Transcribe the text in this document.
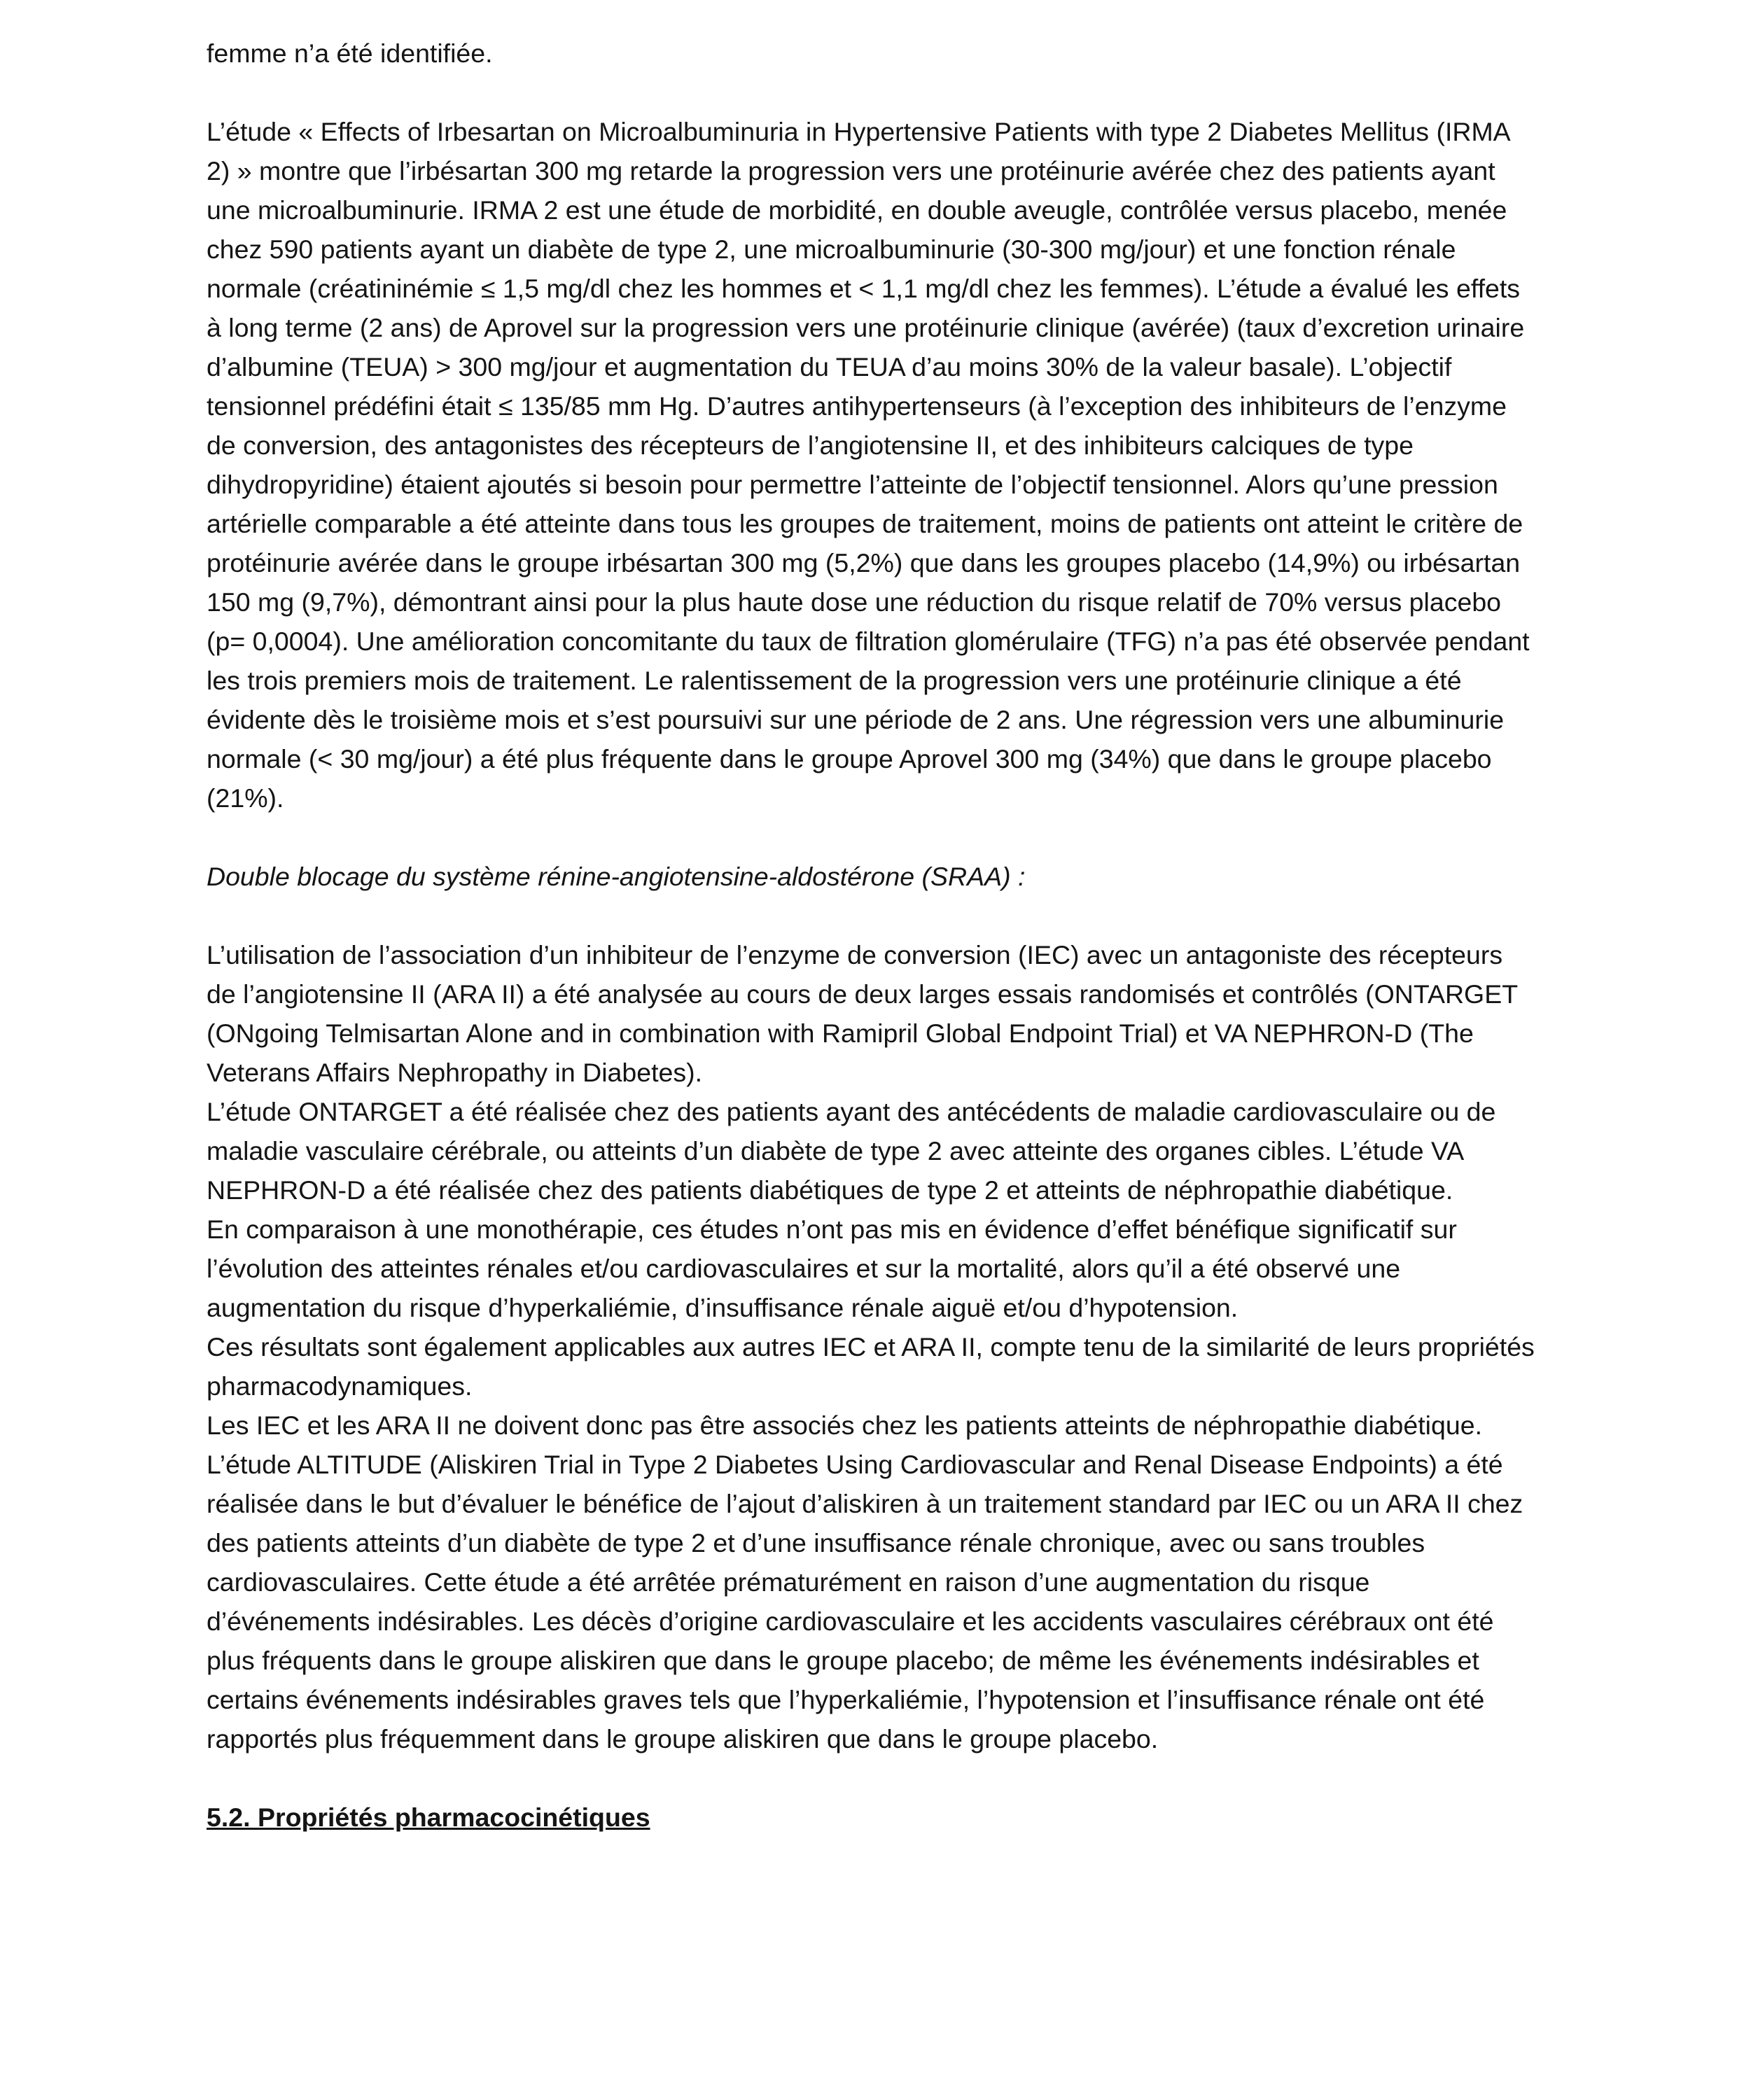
femme n’a été identifiée.

L’étude « Effects of Irbesartan on Microalbuminuria in Hypertensive Patients with type 2 Diabetes Mellitus (IRMA 2) » montre que l’irbésartan 300 mg retarde la progression vers une protéinurie avérée chez des patients ayant une microalbuminurie. IRMA 2 est une étude de morbidité, en double aveugle, contrôlée versus placebo, menée chez 590 patients ayant un diabète de type 2, une microalbuminurie (30-300 mg/jour) et une fonction rénale normale (créatininémie ≤ 1,5 mg/dl chez les hommes et < 1,1 mg/dl chez les femmes). L’étude a évalué les effets à long terme (2 ans) de Aprovel sur la progression vers une protéinurie clinique (avérée) (taux d’excretion urinaire d’albumine (TEUA) > 300 mg/jour et augmentation du TEUA d’au moins 30% de la valeur basale). L’objectif tensionnel prédéfini était ≤ 135/85 mm Hg. D’autres antihypertenseurs (à l’exception des inhibiteurs de l’enzyme de conversion, des antagonistes des récepteurs de l’angiotensine II, et des inhibiteurs calciques de type dihydropyridine) étaient ajoutés si besoin pour permettre l’atteinte de l’objectif tensionnel. Alors qu’une pression artérielle comparable a été atteinte dans tous les groupes de traitement, moins de patients ont atteint le critère de protéinurie avérée dans le groupe irbésartan 300 mg (5,2%) que dans les groupes placebo (14,9%) ou irbésartan 150 mg (9,7%), démontrant ainsi pour la plus haute dose une réduction du risque relatif de 70% versus placebo (p= 0,0004). Une amélioration concomitante du taux de filtration glomérulaire (TFG) n’a pas été observée pendant les trois premiers mois de traitement. Le ralentissement de la progression vers une protéinurie clinique a été évidente dès le troisième mois et s’est poursuivi sur une période de 2 ans. Une régression vers une albuminurie normale (< 30 mg/jour) a été plus fréquente dans le groupe Aprovel 300 mg (34%) que dans le groupe placebo (21%).

Double blocage du système rénine-angiotensine-aldostérone (SRAA) :

L’utilisation de l’association d’un inhibiteur de l’enzyme de conversion (IEC) avec un antagoniste des récepteurs de l’angiotensine II (ARA II) a été analysée au cours de deux larges essais randomisés et contrôlés (ONTARGET (ONgoing Telmisartan Alone and in combination with Ramipril Global Endpoint Trial) et VA NEPHRON-D (The Veterans Affairs Nephropathy in Diabetes).

L’étude ONTARGET a été réalisée chez des patients ayant des antécédents de maladie cardiovasculaire ou de maladie vasculaire cérébrale, ou atteints d’un diabète de type 2 avec atteinte des organes cibles. L’étude VA NEPHRON-D a été réalisée chez des patients diabétiques de type 2 et atteints de néphropathie diabétique.

En comparaison à une monothérapie, ces études n’ont pas mis en évidence d’effet bénéfique significatif sur l’évolution des atteintes rénales et/ou cardiovasculaires et sur la mortalité, alors qu’il a été observé une augmentation du risque d’hyperkaliémie, d’insuffisance rénale aiguë et/ou d’hypotension.

Ces résultats sont également applicables aux autres IEC et ARA II, compte tenu de la similarité de leurs propriétés pharmacodynamiques.

Les IEC et les ARA II ne doivent donc pas être associés chez les patients atteints de néphropathie diabétique.

L’étude ALTITUDE (Aliskiren Trial in Type 2 Diabetes Using Cardiovascular and Renal Disease Endpoints) a été réalisée dans le but d’évaluer le bénéfice de l’ajout d’aliskiren à un traitement standard par IEC ou un ARA II chez des patients atteints d’un diabète de type 2 et d’une insuffisance rénale chronique, avec ou sans troubles cardiovasculaires. Cette étude a été arrêtée prématurément en raison d’une augmentation du risque d’événements indésirables. Les décès d’origine cardiovasculaire et les accidents vasculaires cérébraux ont été plus fréquents dans le groupe aliskiren que dans le groupe placebo; de même les événements indésirables et certains événements indésirables graves tels que l’hyperkaliémie, l’hypotension et l’insuffisance rénale ont été rapportés plus fréquemment dans le groupe aliskiren que dans le groupe placebo.

5.2. Propriétés pharmacocinétiques
